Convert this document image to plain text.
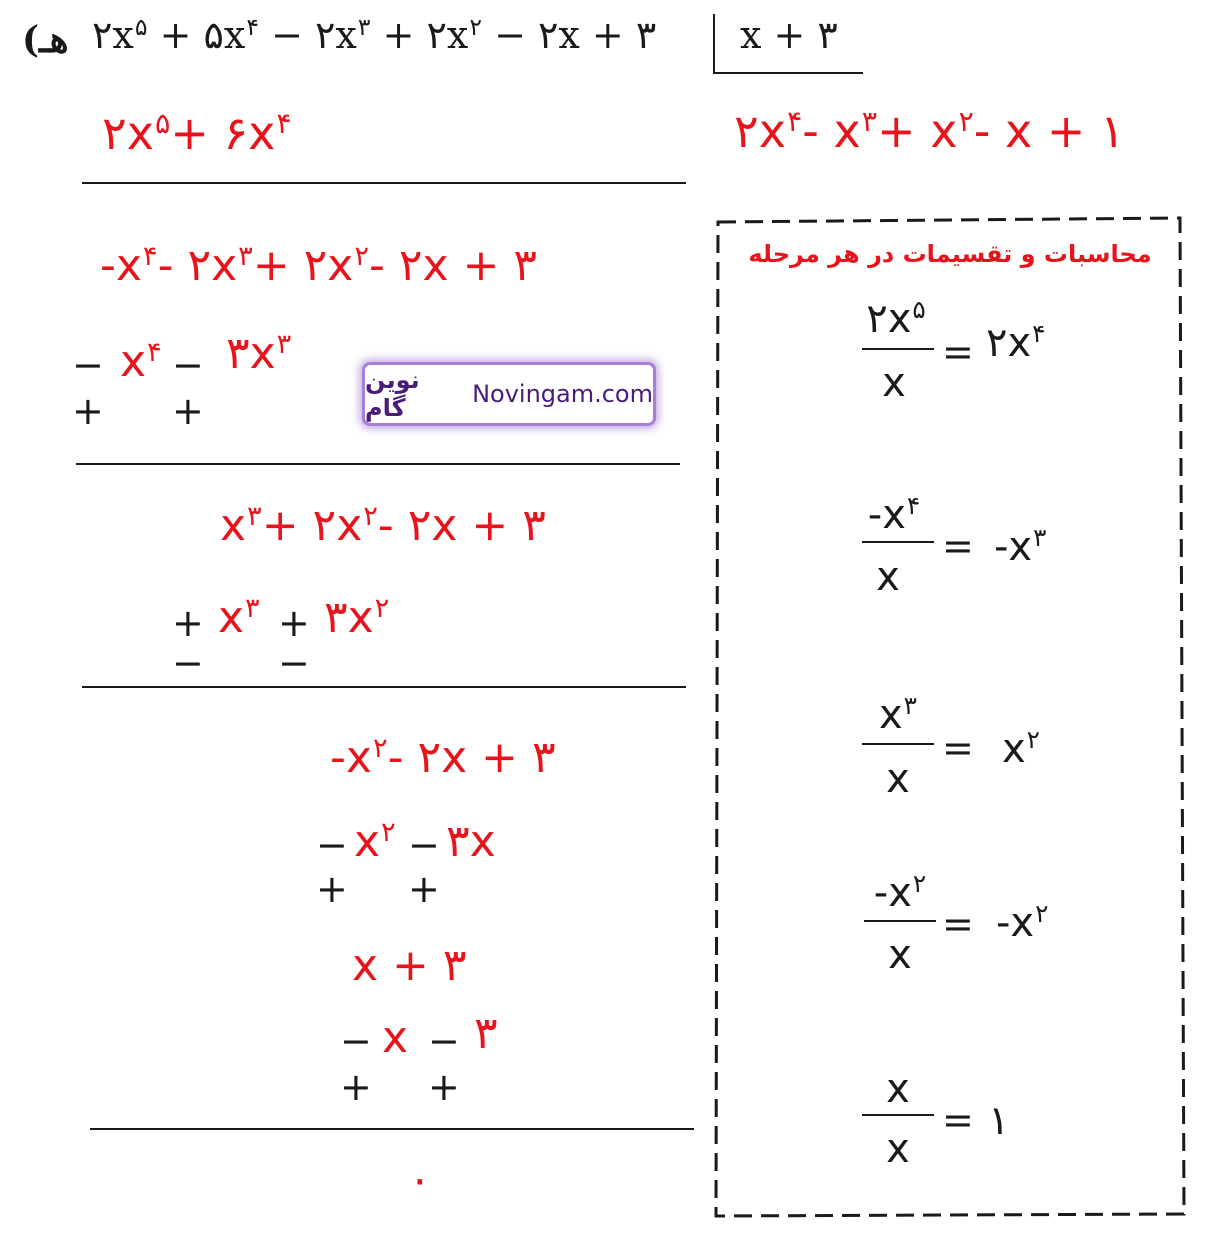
(هـ $۲x^۵$ + $۵x^۴$ − $۲x^۳$ + $۲x^۲$ − ۲x + ۳ x + ۳
$۲x^۴-$ $x^۳+ x^۲-$ x + ۱
$۲x^۵+$ $۶x^۴$
$-x^۴-$ $۲x^۳+$ $۲x^۲-$ ۲x + ۳
− $x^۴$ − $۳x^۳$
+ +
نوین گام	Novingam.com
$x^۳+$ $۲x^۲-$ ۲x + ۳
+ $x^۳$ + $۳x^۲$
− −
$-x^۲-$ ۲x + ۳
− $x^۲$ − ۳x
+ +
x + ۳
− x − ۳
+ +
۰
محاسبات و تقسیمات در هر مرحله
$۲x^۵$
x
= $۲x^۴$
$-x^۴$
x
= $-x^۳$
$x^۳$
x
= $x^۲$
$-x^۲$
x
= $-x^۲$
x
x
= ۱
